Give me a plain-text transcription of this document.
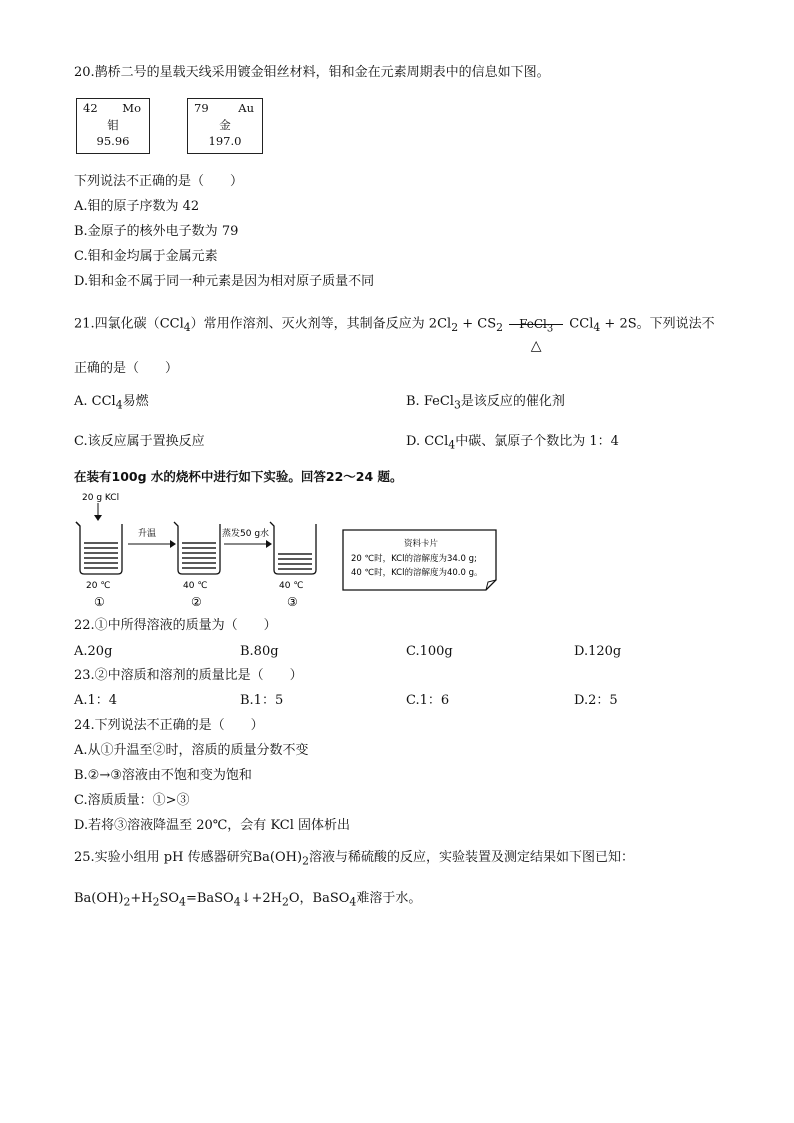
20.鹊桥二号的星载天线采用镀金钼丝材料，钼和金在元素周期表中的信息如下图。
42 Mo
钼
95.96
79	Au
金
197.0
下列说法不正确的是（　　）
A.钼的原子序数为 42
B.金原子的核外电子数为 79
C.钼和金均属于金属元素
D.钼和金不属于同一种元素是因为相对原子质量不同
21.四氯化碳（CCl$_4$）常用作溶剂、灭火剂等，其制备反应为 $2Cl_2 + CS_2$	FeCl$_3$
△
CCl$_4$ + 2S。下列说法不
正确的是（　　）
A. CCl$_4$易燃	B. FeCl$_3$是该反应的催化剂
C.该反应属于置换反应	D. CCl$_4$中碳、氯原子个数比为 1：4
在装有100g 水的烧杯中进行如下实验。回答22～24 题。
20 g KCl
20 ℃
①
升温
40 ℃
②
蒸发50 g水
40 ℃
③
资料卡片
20 ℃时，KCl的溶解度为34.0 g;
40 ℃时，KCl的溶解度为40.0 g。
22.①中所得溶液的质量为（　　）
A.20g	B.80g	C.100g	D.120g
23.②中溶质和溶剂的质量比是（　　）
A.1：4	B.1：5	C.1：6	D.2：5
24.下列说法不正确的是（　　）
A.从①升温至②时，溶质的质量分数不变
B.②→③溶液由不饱和变为饱和
C.溶质质量：①>③
D.若将③溶液降温至 20℃，会有 KCl 固体析出
25.实验小组用 pH 传感器研究$Ba(OH)_2$溶液与稀硫酸的反应，实验装置及测定结果如下图已知：
$Ba(OH)_2+H_2SO_4=BaSO_4↓+2H_2O$，BaSO$_4$难溶于水。
